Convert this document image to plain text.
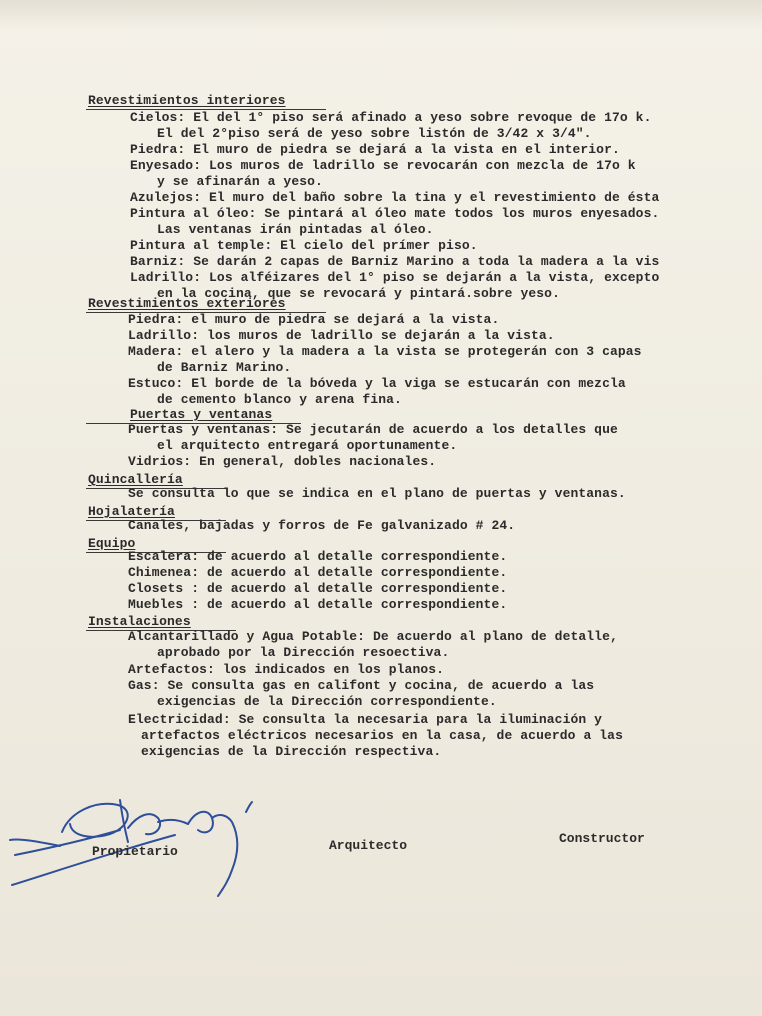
Revestimientos interiores
Cielos: El del 1° piso será afinado a yeso sobre revoque de 17o k.
El del 2°piso será de yeso sobre listón de 3/42 x 3/4".
Piedra: El muro de piedra se dejará a la vista en el interior.
Enyesado: Los muros de ladrillo se revocarán con mezcla de 17o k
y se afinarán a yeso.
Azulejos: El muro del baño sobre la tina y el revestimiento de ésta
Pintura al óleo: Se pintará al óleo mate todos los muros enyesados.
Las ventanas irán pintadas al óleo.
Pintura al temple: El cielo del prímer piso.
Barniz: Se darán 2 capas de Barniz Marino a toda la madera a la vis
Ladrillo: Los alféizares del 1° piso se dejarán a la vista, excepto
en la cocina, que se revocará y pintará.sobre yeso.
Revestimientos exteriores
Piedra: el muro de piedra se dejará a la vista.
Ladrillo: los muros de ladrillo se dejarán a la vista.
Madera: el alero y la madera a la vista se protegerán con 3 capas
de Barniz Marino.
Estuco: El borde de la bóveda y la viga se estucarán con mezcla
de cemento blanco y arena fina.
Puertas y ventanas
Puertas y ventanas: Se jecutarán de acuerdo a los detalles que
el arquitecto entregará oportunamente.
Vidrios: En general, dobles nacionales.
Quincallería
Se consulta lo que se indica en el plano de puertas y ventanas.
Hojalatería
Canales, bajadas y forros de Fe galvanizado # 24.
Equipo
Escalera: de acuerdo al detalle correspondiente.
Chimenea: de acuerdo al detalle correspondiente.
Closets : de acuerdo al detalle correspondiente.
Muebles : de acuerdo al detalle correspondiente.
Instalaciones
Alcantarillado y Agua Potable: De acuerdo al plano de detalle,
aprobado por la Dirección resoectiva.
Artefactos: los indicados en los planos.
Gas: Se consulta gas en califont y cocina, de acuerdo a las
exigencias de la Dirección correspondiente.
Electricidad: Se consulta la necesaria para la iluminación y
artefactos eléctricos necesarios en la casa, de acuerdo a las
exigencias de la Dirección respectiva.
Propietario	Arquitecto	Constructor
